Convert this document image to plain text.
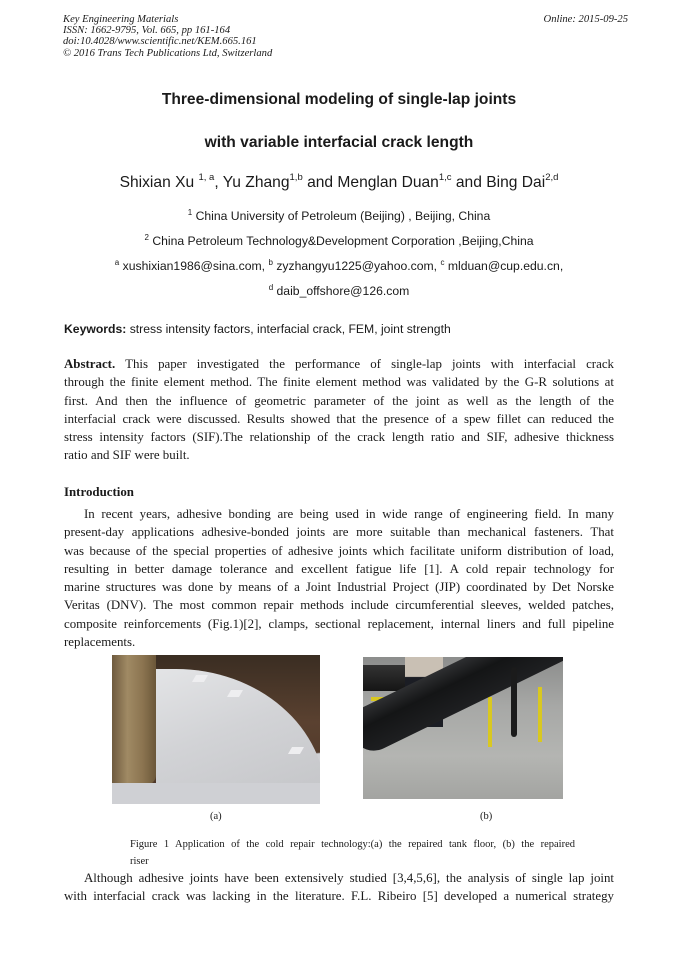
Key Engineering Materials
ISSN: 1662-9795, Vol. 665, pp 161-164
doi:10.4028/www.scientific.net/KEM.665.161
© 2016 Trans Tech Publications Ltd, Switzerland
Online: 2015-09-25
Three-dimensional modeling of single-lap joints
with variable interfacial crack length
Shixian Xu $^{1, a}$, Yu Zhang$^{1,b}$ and Menglan Duan$^{1,c}$ and Bing Dai$^{2,d}$
$^1$ China University of Petroleum (Beijing) , Beijing, China
$^2$ China Petroleum Technology&Development Corporation ,Beijing,China
$^a$ xushixian1986@sina.com, $^b$ zyzhangyu1225@yahoo.com, $^c$ mlduan@cup.edu.cn,
$^d$ daib_offshore@126.com
Keywords: stress intensity factors, interfacial crack, FEM, joint strength
Abstract. This paper investigated the performance of single-lap joints with interfacial crack
through the finite element method. The finite element method was validated by the G-R solutions at
first. And then the influence of geometric parameter of the joint as well as the length of the
interfacial crack were discussed. Results showed that the presence of a spew fillet can reduced the
stress intensity factors (SIF).The relationship of the crack length ratio and SIF, adhesive thickness
ratio and SIF were built.
Introduction
In recent years, adhesive bonding are being used in wide range of engineering field. In many
present-day applications adhesive-bonded joints are more suitable than mechanical fasteners. That
was because of the special properties of adhesive joints which facilitate uniform distribution of load,
resulting in better damage tolerance and excellent fatigue life [1]. A cold repair technology for
marine structures was done by means of a Joint Industrial Project (JIP) coordinated by Det Norske
Veritas (DNV). The most common repair methods include circumferential sleeves, welded patches,
composite reinforcements (Fig.1)[2], clamps, sectional replacement, internal liners and full pipeline
replacements.
(a)	(b)
Figure 1 Application of the cold repair technology:(a) the repaired tank floor, (b) the repaired
riser
Although adhesive joints have been extensively studied [3,4,5,6], the analysis of single lap joint
with interfacial crack was lacking in the literature. F.L. Ribeiro [5] developed a numerical strategy
